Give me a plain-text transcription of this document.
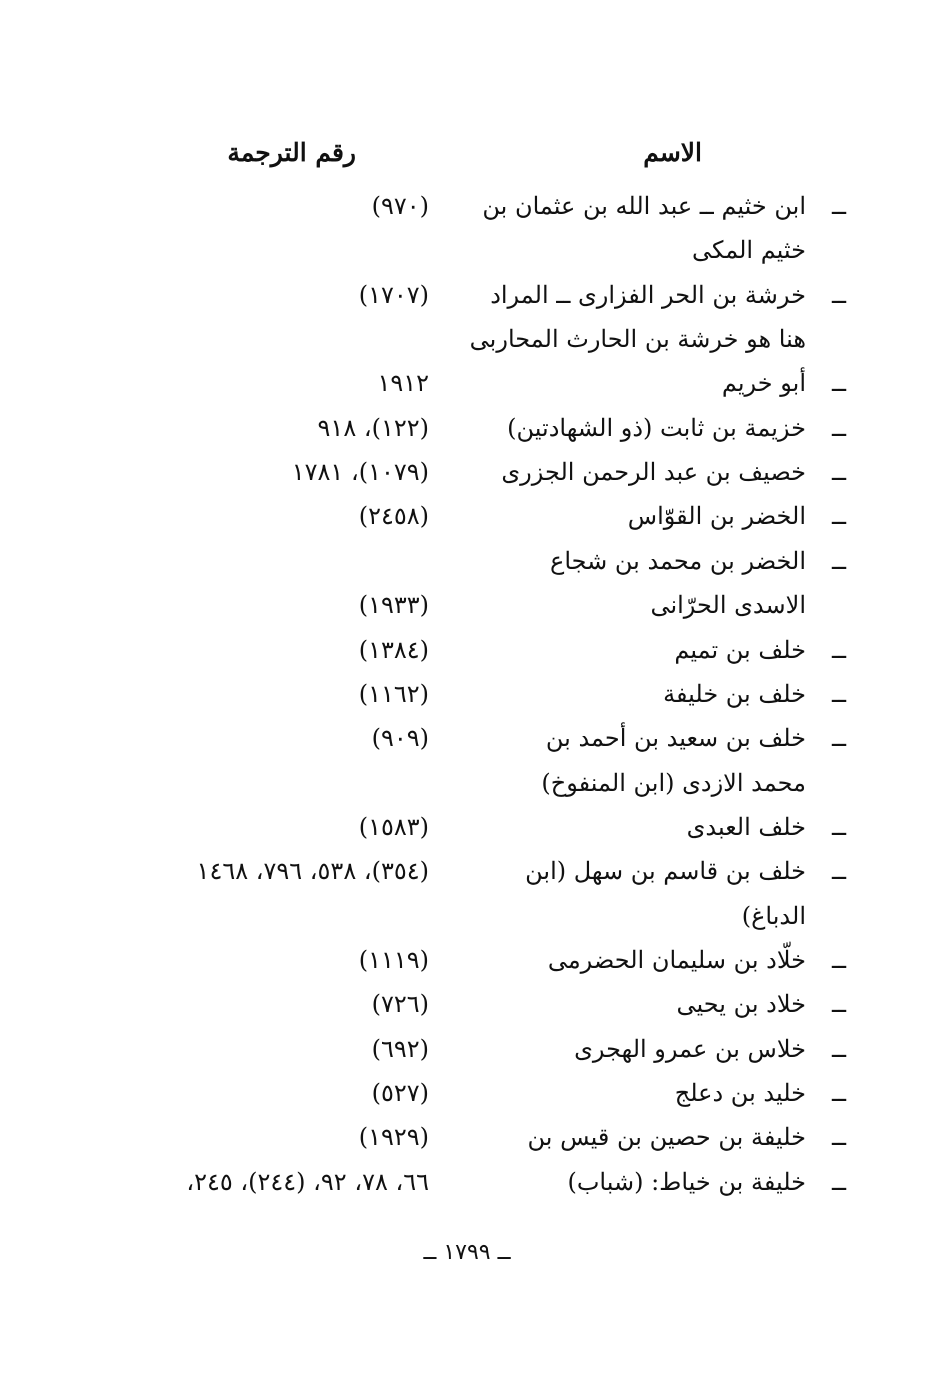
الاسم
رقم الترجمة
ــ
ابن خثيم ــ عبد الله بن عثمان بن
(٩٧٠)
خثيم المكى
ــ
خرشة بن الحر الفزارى ــ المراد
(١٧٠٧)
هنا هو خرشة بن الحارث المحاربى
ــ
أبو خريم
١٩١٢
ــ
خزيمة بن ثابت (ذو الشهادتين)
(١٢٢)، ٩١٨
ــ
خصيف بن عبد الرحمن الجزرى
(١٠٧٩)، ١٧٨١
ــ
الخضر بن القوّاس
(٢٤٥٨)
ــ
الخضر بن محمد بن شجاع
الاسدى الحرّانى
(١٩٣٣)
ــ
خلف بن تميم
(١٣٨٤)
ــ
خلف بن خليفة
(١١٦٢)
ــ
خلف بن سعيد بن أحمد بن
(٩٠٩)
محمد الازدى (ابن المنفوخ)
ــ
خلف العبدى
(١٥٨٣)
ــ
خلف بن قاسم بن سهل (ابن
(٣٥٤)، ٥٣٨، ٧٩٦، ١٤٦٨
الدباغ)
ــ
خلّاد بن سليمان الحضرمى
(١١١٩)
ــ
خلاد بن يحيى
(٧٢٦)
ــ
خلاس بن عمرو الهجرى
(٦٩٢)
ــ
خليد بن دعلج
(٥٢٧)
ــ
خليفة بن حصين بن قيس بن
(١٩٢٩)
ــ
خليفة بن خياط: (شباب)
٦٦، ٧٨، ٩٢، (٢٤٤)، ٢٤٥،
ــ ١٧٩٩ ــ
